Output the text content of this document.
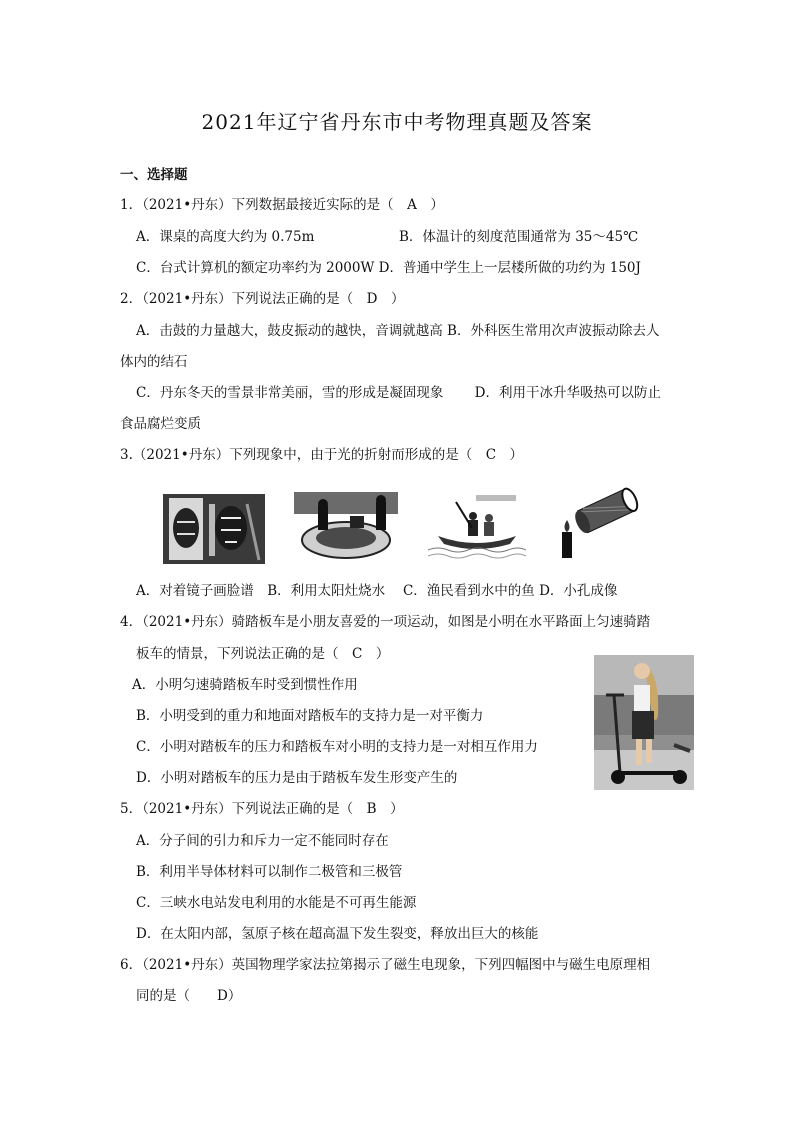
2021年辽宁省丹东市中考物理真题及答案
一、选择题
1．（2021•丹东）下列数据最接近实际的是（　A　）
A．课桌的高度大约为 0.75m	B．体温计的刻度范围通常为 35～45℃
C．台式计算机的额定功率约为 2000W D．普通中学生上一层楼所做的功约为 150J
2．（2021•丹东）下列说法正确的是（　D　）
A．击鼓的力量越大，鼓皮振动的越快，音调就越高 B．外科医生常用次声波振动除去人
体内的结石
C．丹东冬天的雪景非常美丽，雪的形成是凝固现象　　 D．利用干冰升华吸热可以防止
食品腐烂变质
3.（2021•丹东）下列现象中，由于光的折射而形成的是（　C　）
A．对着镜子画脸谱　B．利用太阳灶烧水　 C．渔民看到水中的鱼 D．小孔成像
4．（2021•丹东）骑踏板车是小朋友喜爱的一项运动，如图是小明在水平路面上匀速骑踏
板车的情景，下列说法正确的是（　C　）
A．小明匀速骑踏板车时受到惯性作用
B．小明受到的重力和地面对踏板车的支持力是一对平衡力
C．小明对踏板车的压力和踏板车对小明的支持力是一对相互作用力
D．小明对踏板车的压力是由于踏板车发生形变产生的
5．（2021•丹东）下列说法正确的是（　B　）
A．分子间的引力和斥力一定不能同时存在
B．利用半导体材料可以制作二极管和三极管
C．三峡水电站发电利用的水能是不可再生能源
D．在太阳内部，氢原子核在超高温下发生裂变，释放出巨大的核能
6．（2021•丹东）英国物理学家法拉第揭示了磁生电现象，下列四幅图中与磁生电原理相
同的是（　　D）
